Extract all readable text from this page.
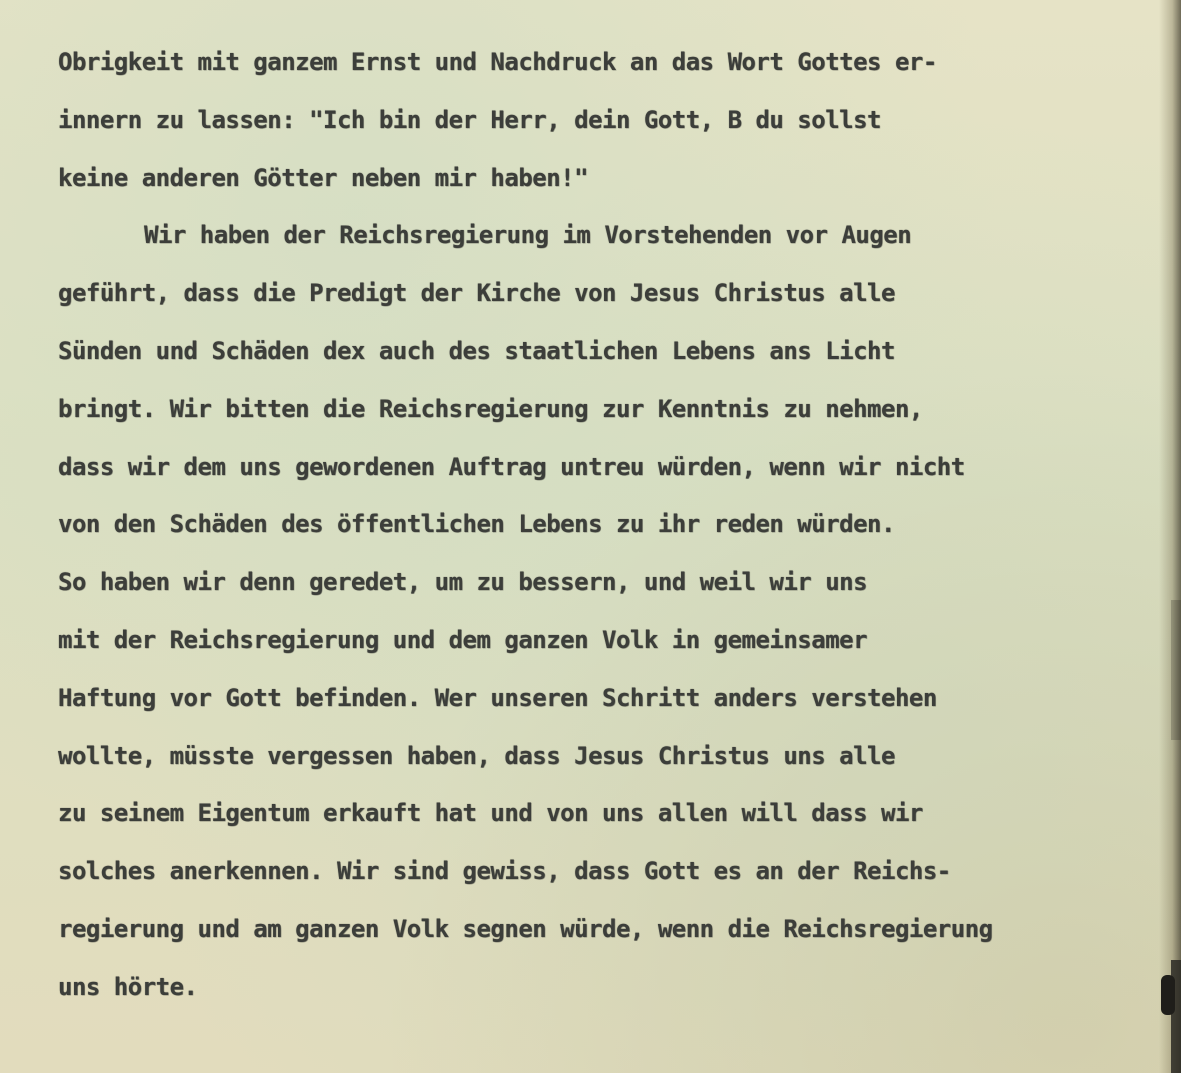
Obrigkeit mit ganzem Ernst und Nachdruck an das Wort Gottes er-
innern zu lassen: "Ich bin der Herr, dein Gott, B du sollst
keine anderen Götter neben mir haben!"
Wir haben der Reichsregierung im Vorstehenden vor Augen
geführt, dass die Predigt der Kirche von Jesus Christus alle
Sünden und Schäden dex auch des staatlichen Lebens ans Licht
bringt. Wir bitten die Reichsregierung zur Kenntnis zu nehmen,
dass wir dem uns gewordenen Auftrag untreu würden, wenn wir nicht
von den Schäden des öffentlichen Lebens zu ihr reden würden.
So haben wir denn geredet, um zu bessern, und weil wir uns
mit der Reichsregierung und dem ganzen Volk in gemeinsamer
Haftung vor Gott befinden. Wer unseren Schritt anders verstehen
wollte, müsste vergessen haben, dass Jesus Christus uns alle
zu seinem Eigentum erkauft hat und von uns allen will dass wir
solches anerkennen. Wir sind gewiss, dass Gott es an der Reichs-
regierung und am ganzen Volk segnen würde, wenn die Reichsregierung
uns hörte.
